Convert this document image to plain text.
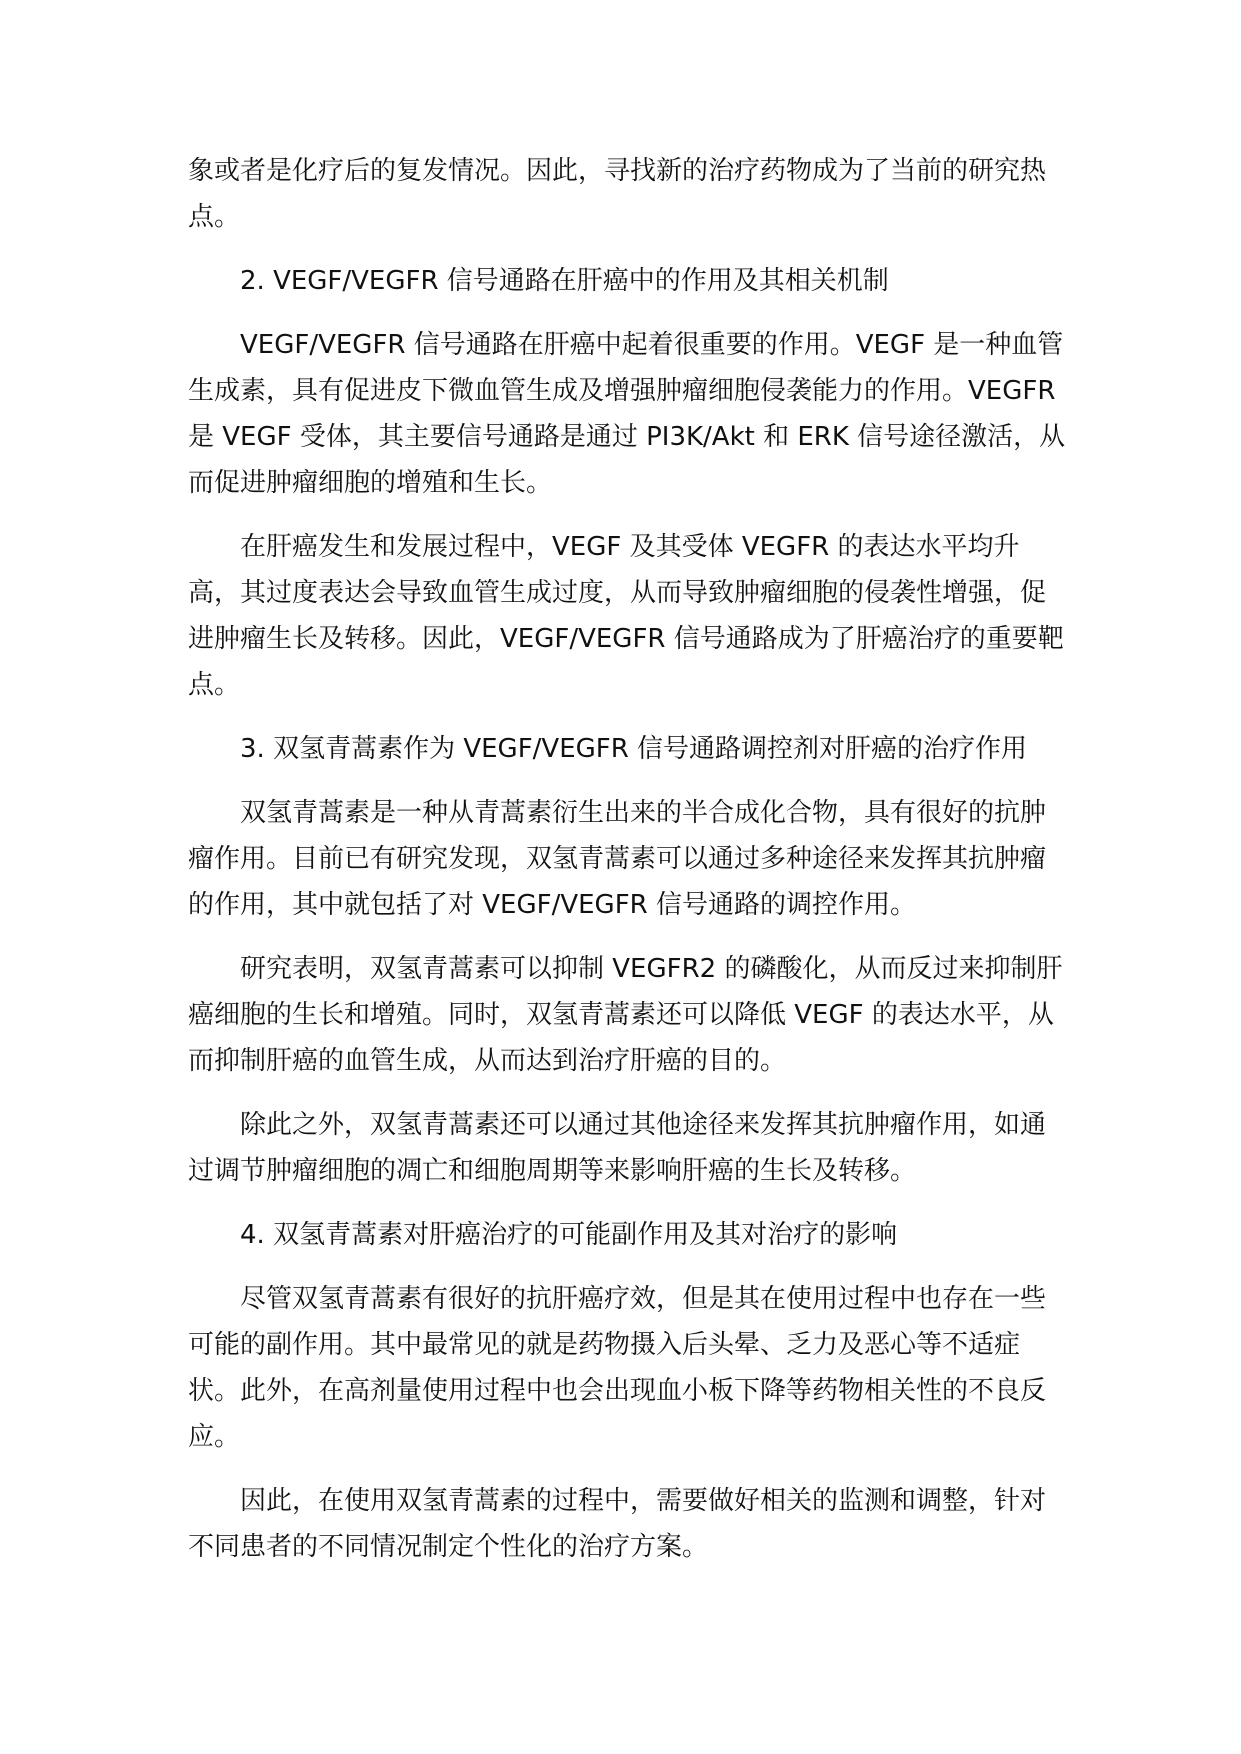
象或者是化疗后的复发情况。因此，寻找新的治疗药物成为了当前的研究热点。

2. VEGF/VEGFR 信号通路在肝癌中的作用及其相关机制

VEGF/VEGFR 信号通路在肝癌中起着很重要的作用。VEGF 是一种血管生成素，具有促进皮下微血管生成及增强肿瘤细胞侵袭能力的作用。VEGFR 是 VEGF 受体，其主要信号通路是通过 PI3K/Akt 和 ERK 信号途径激活，从而促进肿瘤细胞的增殖和生长。

在肝癌发生和发展过程中，VEGF 及其受体 VEGFR 的表达水平均升高，其过度表达会导致血管生成过度，从而导致肿瘤细胞的侵袭性增强，促进肿瘤生长及转移。因此，VEGF/VEGFR 信号通路成为了肝癌治疗的重要靶点。

3. 双氢青蒿素作为 VEGF/VEGFR 信号通路调控剂对肝癌的治疗作用

双氢青蒿素是一种从青蒿素衍生出来的半合成化合物，具有很好的抗肿瘤作用。目前已有研究发现，双氢青蒿素可以通过多种途径来发挥其抗肿瘤的作用，其中就包括了对 VEGF/VEGFR 信号通路的调控作用。

研究表明，双氢青蒿素可以抑制 VEGFR2 的磷酸化，从而反过来抑制肝癌细胞的生长和增殖。同时，双氢青蒿素还可以降低 VEGF 的表达水平，从而抑制肝癌的血管生成，从而达到治疗肝癌的目的。

除此之外，双氢青蒿素还可以通过其他途径来发挥其抗肿瘤作用，如通过调节肿瘤细胞的凋亡和细胞周期等来影响肝癌的生长及转移。

4. 双氢青蒿素对肝癌治疗的可能副作用及其对治疗的影响

尽管双氢青蒿素有很好的抗肝癌疗效，但是其在使用过程中也存在一些可能的副作用。其中最常见的就是药物摄入后头晕、乏力及恶心等不适症状。此外，在高剂量使用过程中也会出现血小板下降等药物相关性的不良反应。

因此，在使用双氢青蒿素的过程中，需要做好相关的监测和调整，针对不同患者的不同情况制定个性化的治疗方案。
